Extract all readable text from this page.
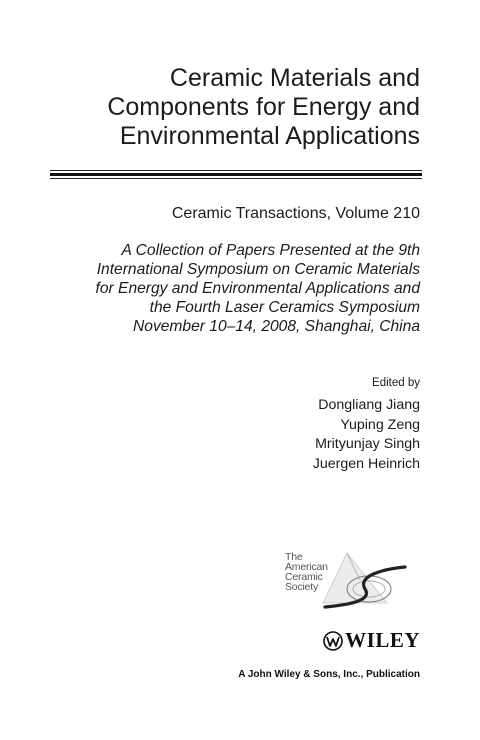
Ceramic Materials and
Components for Energy and
Environmental Applications
Ceramic Transactions, Volume 210
A Collection of Papers Presented at the 9th
International Symposium on Ceramic Materials
for Energy and Environmental Applications and
the Fourth Laser Ceramics Symposium
November 10–14, 2008, Shanghai, China
Edited by
Dongliang Jiang
Yuping Zeng
Mrityunjay Singh
Juergen Heinrich
The
American
Ceramic
Society
WILEY
A John Wiley & Sons, Inc., Publication
